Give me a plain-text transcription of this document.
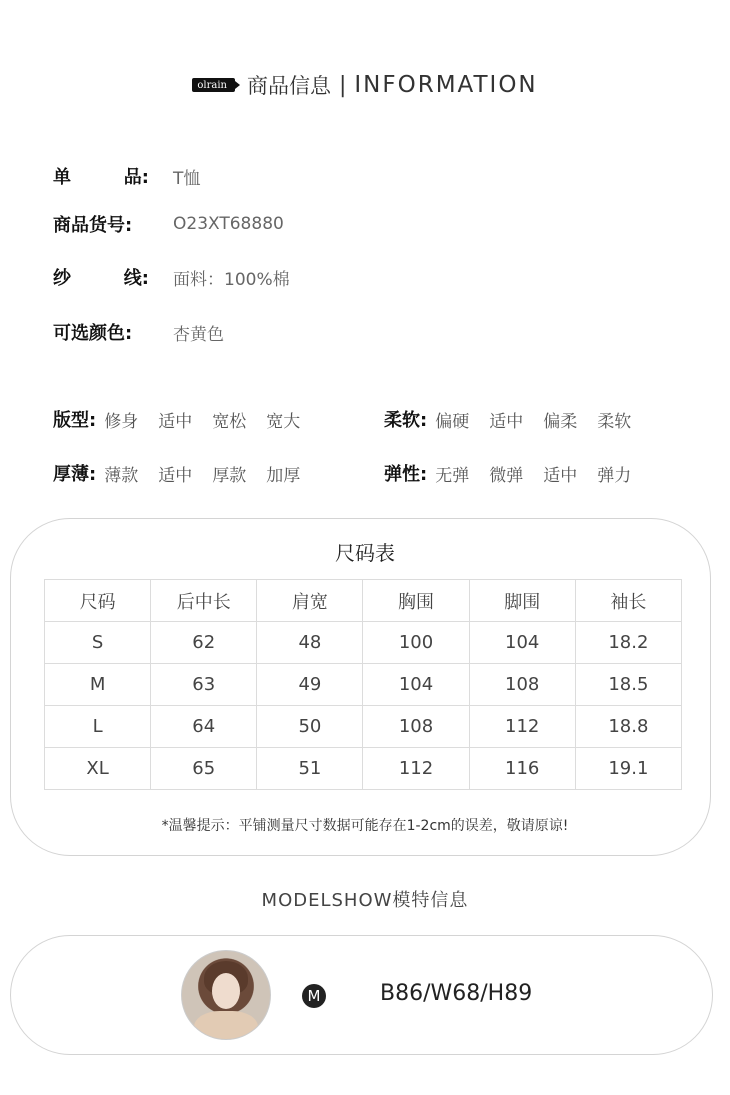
olrain 商品信息 | INFORMATION
单	品: T恤
商品货号:	O23XT68880
纱	线: 面料：100%棉
可选颜色:	杏黄色
版型: 修身	适中	宽松	宽大	柔软: 偏硬	适中	偏柔	柔软
厚薄: 薄款	适中	厚款	加厚	弹性: 无弹	微弹	适中	弹力
尺码表
尺码	后中长	肩宽	胸围	脚围	袖长
S	62	48	100	104	18.2
M	63	49	104	108	18.5
L	64	50	108	112	18.8
XL	65	51	112	116	19.1
*温馨提示：平铺测量尺寸数据可能存在1-2cm的误差，敬请原谅!
MODELSHOW模特信息
M	B86/W68/H89
